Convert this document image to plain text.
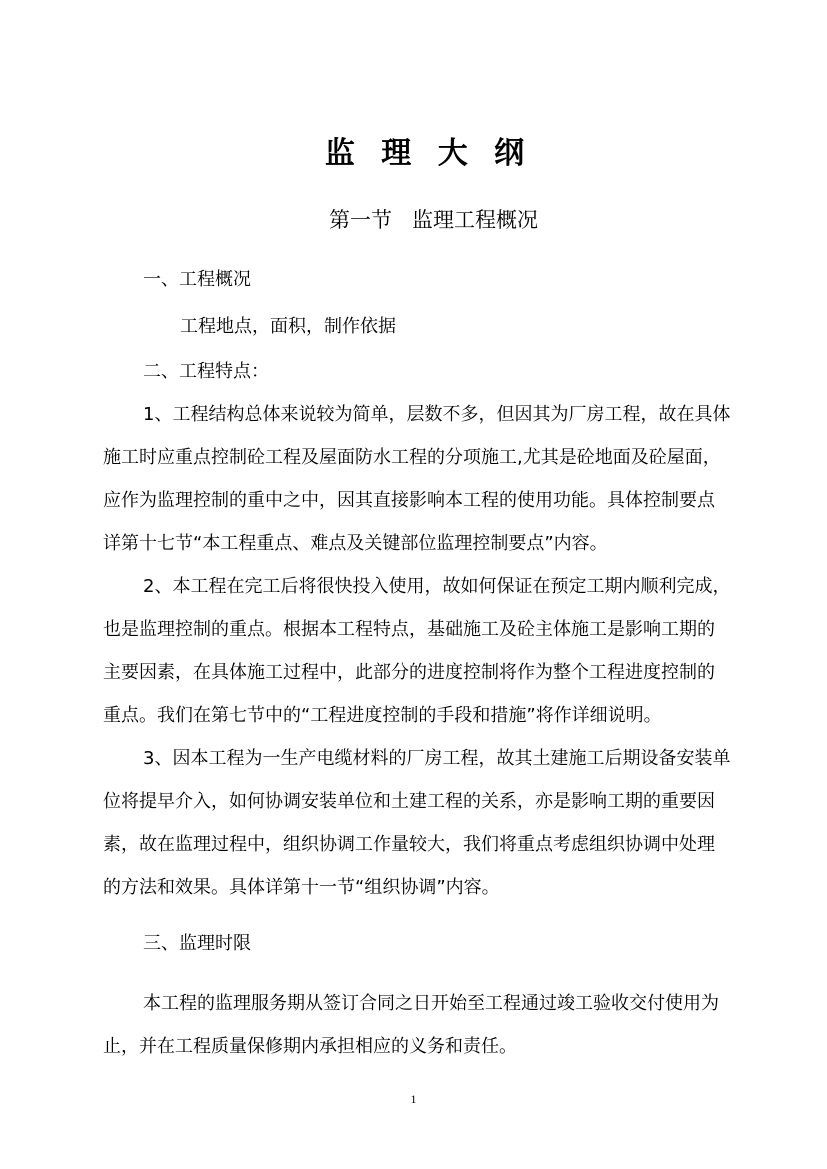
监 理 大 纲
第一节   监理工程概况
一、工程概况
工程地点，面积，制作依据
二、工程特点：
1、工程结构总体来说较为简单，层数不多，但因其为厂房工程，故在具体
施工时应重点控制砼工程及屋面防水工程的分项施工,尤其是砼地面及砼屋面，
应作为监理控制的重中之中，因其直接影响本工程的使用功能。具体控制要点
详第十七节“本工程重点、难点及关键部位监理控制要点”内容。
2、本工程在完工后将很快投入使用，故如何保证在预定工期内顺利完成，
也是监理控制的重点。根据本工程特点，基础施工及砼主体施工是影响工期的
主要因素，在具体施工过程中，此部分的进度控制将作为整个工程进度控制的
重点。我们在第七节中的“工程进度控制的手段和措施”将作详细说明。
3、因本工程为一生产电缆材料的厂房工程，故其土建施工后期设备安装单
位将提早介入，如何协调安装单位和土建工程的关系，亦是影响工期的重要因
素，故在监理过程中，组织协调工作量较大，我们将重点考虑组织协调中处理
的方法和效果。具体详第十一节“组织协调”内容。
三、监理时限
本工程的监理服务期从签订合同之日开始至工程通过竣工验收交付使用为
止，并在工程质量保修期内承担相应的义务和责任。
1
